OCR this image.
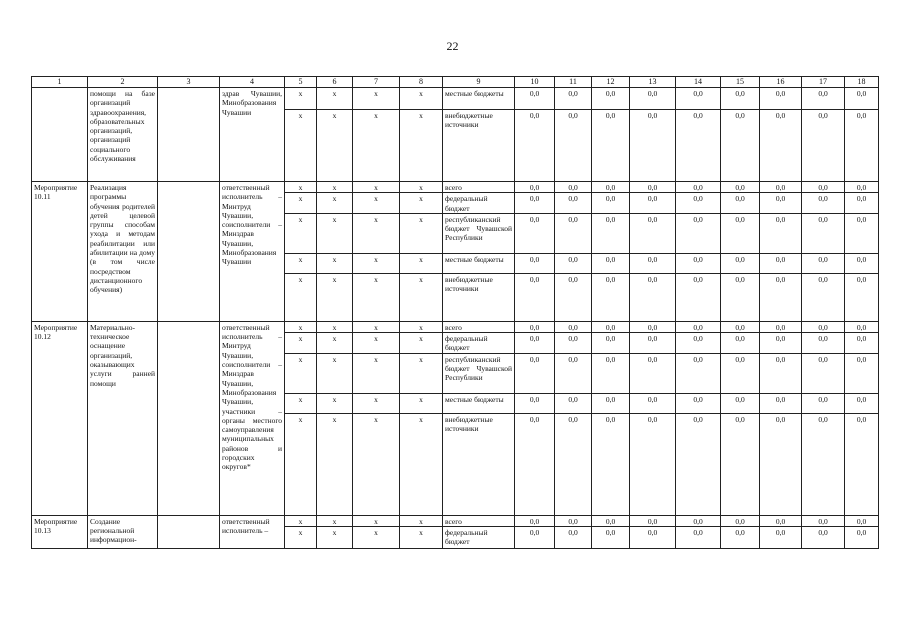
22
1	2	3	4	5	6	7	8	9	10	11	12	13	14	15	16	17	18
	помощи на базе организаций здравоохранения, образовательных организаций, организаций социального обслуживания		здрав Чувашии, Минобразования Чувашии	х	х	х	х	местные бюджеты	0,0	0,0	0,0	0,0	0,0	0,0	0,0	0,0	0,0
				х	х	х	х	внебюджетные источники	0,0	0,0	0,0	0,0	0,0	0,0	0,0	0,0	0,0
Мероприятие 10.11	Реализация программы обучения родителей детей целевой группы способам ухода и методам реабилитации или абилитации на дому (в том числе посредством дистанционного обучения)		ответственный исполнитель – Минтруд Чувашии, соисполнители – Минздрав Чувашии, Минобразования Чувашии	х	х	х	х	всего	0,0	0,0	0,0	0,0	0,0	0,0	0,0	0,0	0,0
				х	х	х	х	федеральный бюджет	0,0	0,0	0,0	0,0	0,0	0,0	0,0	0,0	0,0
				х	х	х	х	республиканский бюджет Чувашской Республики	0,0	0,0	0,0	0,0	0,0	0,0	0,0	0,0	0,0
				х	х	х	х	местные бюджеты	0,0	0,0	0,0	0,0	0,0	0,0	0,0	0,0	0,0
				х	х	х	х	внебюджетные источники	0,0	0,0	0,0	0,0	0,0	0,0	0,0	0,0	0,0
Мероприятие 10.12	Материально-техническое оснащение организаций, оказывающих услуги ранней помощи		ответственный исполнитель – Минтруд Чувашии, соисполнители – Минздрав Чувашии, Минобразования Чувашии, участники – органы местного самоуправления муниципальных районов и городских округов*	х	х	х	х	всего	0,0	0,0	0,0	0,0	0,0	0,0	0,0	0,0	0,0
				х	х	х	х	федеральный бюджет	0,0	0,0	0,0	0,0	0,0	0,0	0,0	0,0	0,0
				х	х	х	х	республиканский бюджет Чувашской Республики	0,0	0,0	0,0	0,0	0,0	0,0	0,0	0,0	0,0
				х	х	х	х	местные бюджеты	0,0	0,0	0,0	0,0	0,0	0,0	0,0	0,0	0,0
				х	х	х	х	внебюджетные источники	0,0	0,0	0,0	0,0	0,0	0,0	0,0	0,0	0,0
Мероприятие 10.13	Создание региональной информацион-		ответственный исполнитель –	х	х	х	х	всего	0,0	0,0	0,0	0,0	0,0	0,0	0,0	0,0	0,0
				х	х	х	х	федеральный бюджет	0,0	0,0	0,0	0,0	0,0	0,0	0,0	0,0	0,0
